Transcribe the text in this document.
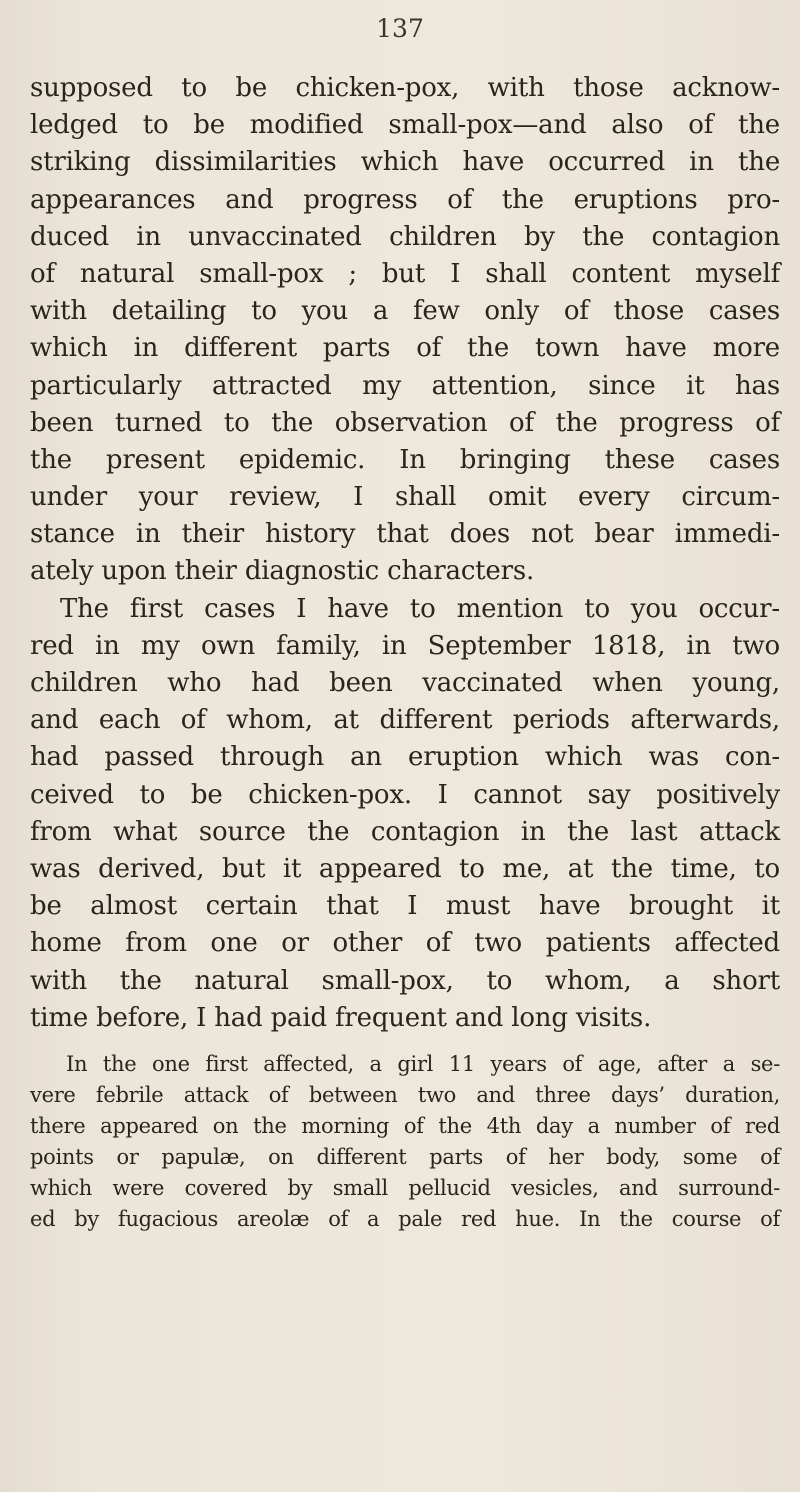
137
supposed to be chicken-pox, with those acknow-
ledged to be modified small-pox—and also of the
striking dissimilarities which have occurred in the
appearances and progress of the eruptions pro-
duced in unvaccinated children by the contagion
of natural small-pox ; but I shall content myself
with detailing to you a few only of those cases
which in different parts of the town have more
particularly attracted my attention, since it has
been turned to the observation of the progress of
the present epidemic. In bringing these cases
under your review, I shall omit every circum-
stance in their history that does not bear immedi-
ately upon their diagnostic characters.
The first cases I have to mention to you occur-
red in my own family, in September 1818, in two
children who had been vaccinated when young,
and each of whom, at different periods afterwards,
had passed through an eruption which was con-
ceived to be chicken-pox. I cannot say positively
from what source the contagion in the last attack
was derived, but it appeared to me, at the time, to
be almost certain that I must have brought it
home from one or other of two patients affected
with the natural small-pox, to whom, a short
time before, I had paid frequent and long visits.
In the one first affected, a girl 11 years of age, after a se-
vere febrile attack of between two and three days’ duration,
there appeared on the morning of the 4th day a number of red
points or papulæ, on different parts of her body, some of
which were covered by small pellucid vesicles, and surround-
ed by fugacious areolæ of a pale red hue. In the course of
